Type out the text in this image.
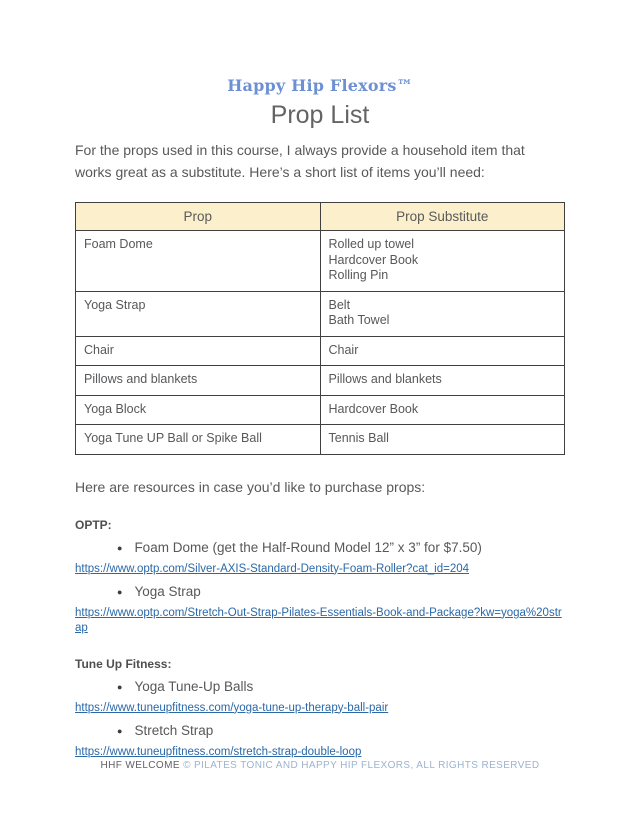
Happy Hip Flexors™
Prop List

For the props used in this course, I always provide a household item that works great as a substitute. Here’s a short list of items you’ll need:

Prop	Prop Substitute
Foam Dome	Rolled up towel
Hardcover Book
Rolling Pin

Yoga Strap	Belt
Bath Towel

Chair	Chair

Pillows and blankets	Pillows and blankets

Yoga Block	Hardcover Book

Yoga Tune UP Ball or Spike Ball	Tennis Ball

Here are resources in case you’d like to purchase props:

OPTP:
● Foam Dome (get the Half-Round Model 12” x 3” for $7.50)
https://www.optp.com/Silver-AXIS-Standard-Density-Foam-Roller?cat_id=204
● Yoga Strap
https://www.optp.com/Stretch-Out-Strap-Pilates-Essentials-Book-and-Package?kw=yoga%20strap
Tune Up Fitness:
● Yoga Tune-Up Balls
https://www.tuneupfitness.com/yoga-tune-up-therapy-ball-pair
● Stretch Strap
https://www.tuneupfitness.com/stretch-strap-double-loop
HHF WELCOME © PILATES TONIC AND HAPPY HIP FLEXORS, ALL RIGHTS RESERVED
